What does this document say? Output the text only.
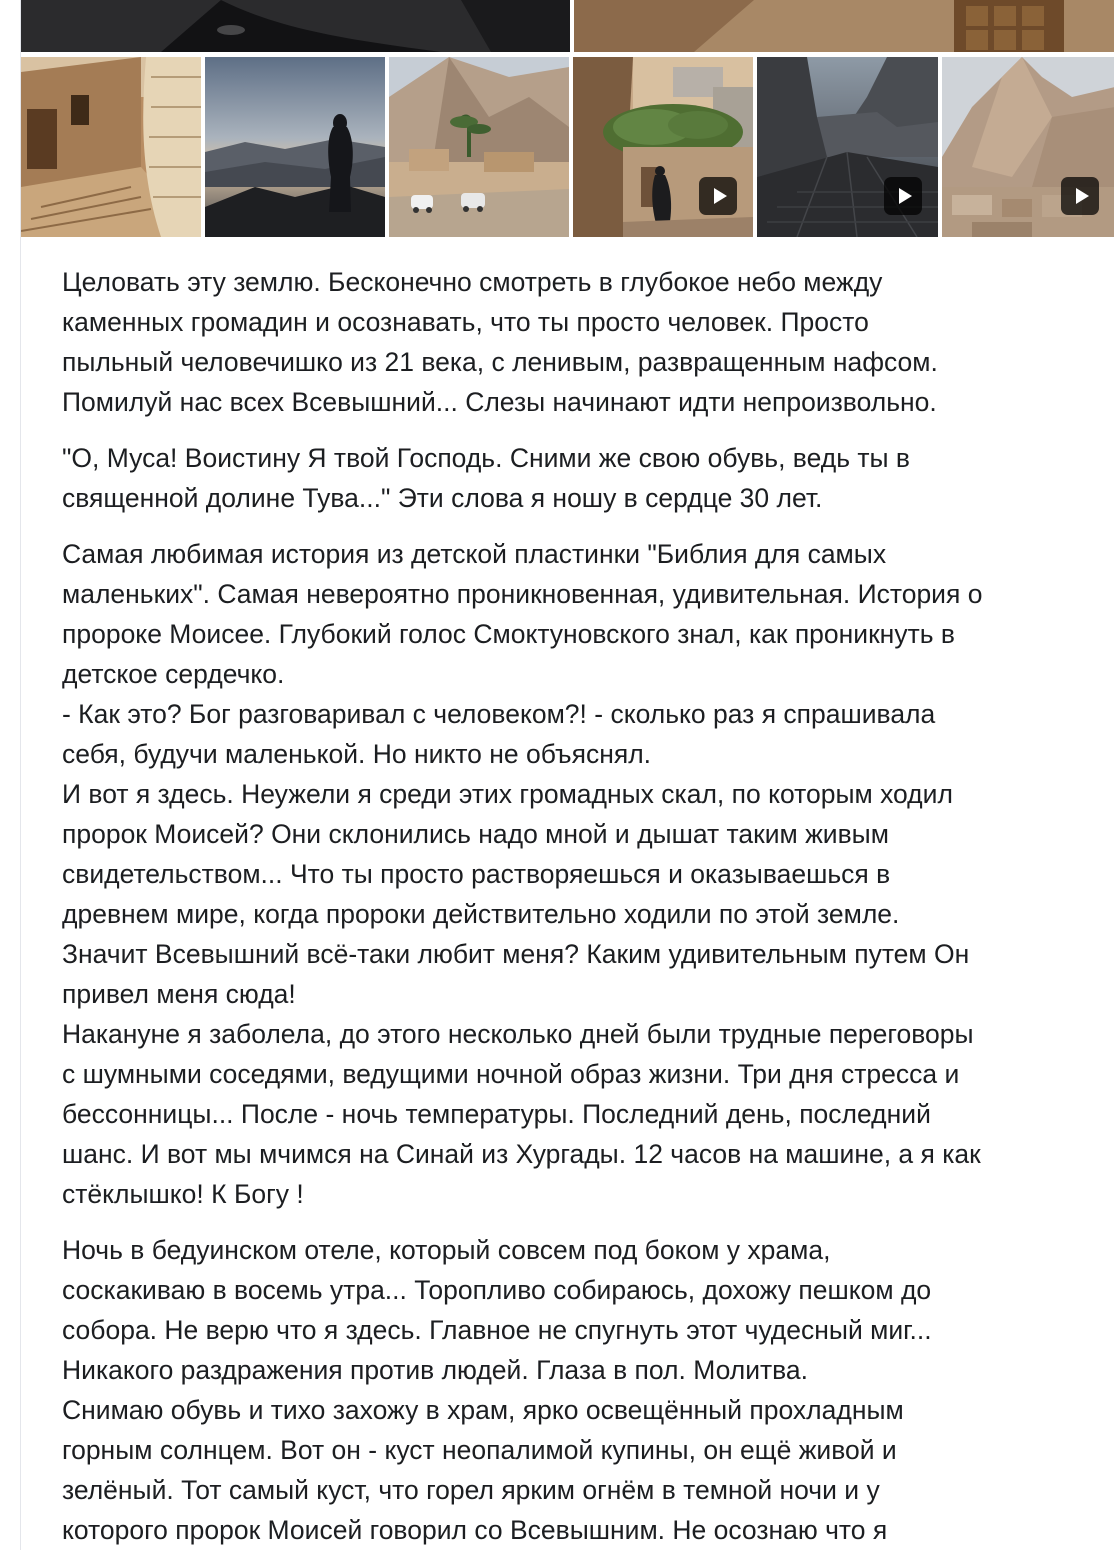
Целовать эту землю. Бесконечно смотреть в глубокое небо между
каменных громадин и осознавать, что ты просто человек. Просто
пыльный человечишко из 21 века, с ленивым, развращенным нафсом.
Помилуй нас всех Всевышний... Слезы начинают идти непроизвольно.

"О, Муса! Воистину Я твой Господь. Сними же свою обувь, ведь ты в
священной долине Тува..." Эти слова я ношу в сердце 30 лет.

Самая любимая история из детской пластинки "Библия для самых
маленьких". Самая невероятно проникновенная, удивительная. История о
пророке Моисее. Глубокий голос Смоктуновского знал, как проникнуть в
детское сердечко.
- Как это? Бог разговаривал с человеком?! - сколько раз я спрашивала
себя, будучи маленькой. Но никто не объяснял.
И вот я здесь. Неужели я среди этих громадных скал, по которым ходил
пророк Моисей? Они склонились надо мной и дышат таким живым
свидетельством... Что ты просто растворяешься и оказываешься в
древнем мире, когда пророки действительно ходили по этой земле.
Значит Всевышний всё-таки любит меня? Каким удивительным путем Он
привел меня сюда!
Накануне я заболела, до этого несколько дней были трудные переговоры
с шумными соседями, ведущими ночной образ жизни. Три дня стресса и
бессонницы... После - ночь температуры. Последний день, последний
шанс. И вот мы мчимся на Синай из Хургады. 12 часов на машине, а я как
стёклышко! К Богу !

Ночь в бедуинском отеле, который совсем под боком у храма,
соскакиваю в восемь утра... Торопливо собираюсь, дохожу пешком до
собора. Не верю что я здесь. Главное не спугнуть этот чудесный миг...
Никакого раздражения против людей. Глаза в пол. Молитва.
Снимаю обувь и тихо захожу в храм, ярко освещённый прохладным
горным солнцем. Вот он - куст неопалимой купины, он ещё живой и
зелёный. Тот самый куст, что горел ярким огнём в темной ночи и у
которого пророк Моисей говорил со Всевышним. Не осознаю что я
